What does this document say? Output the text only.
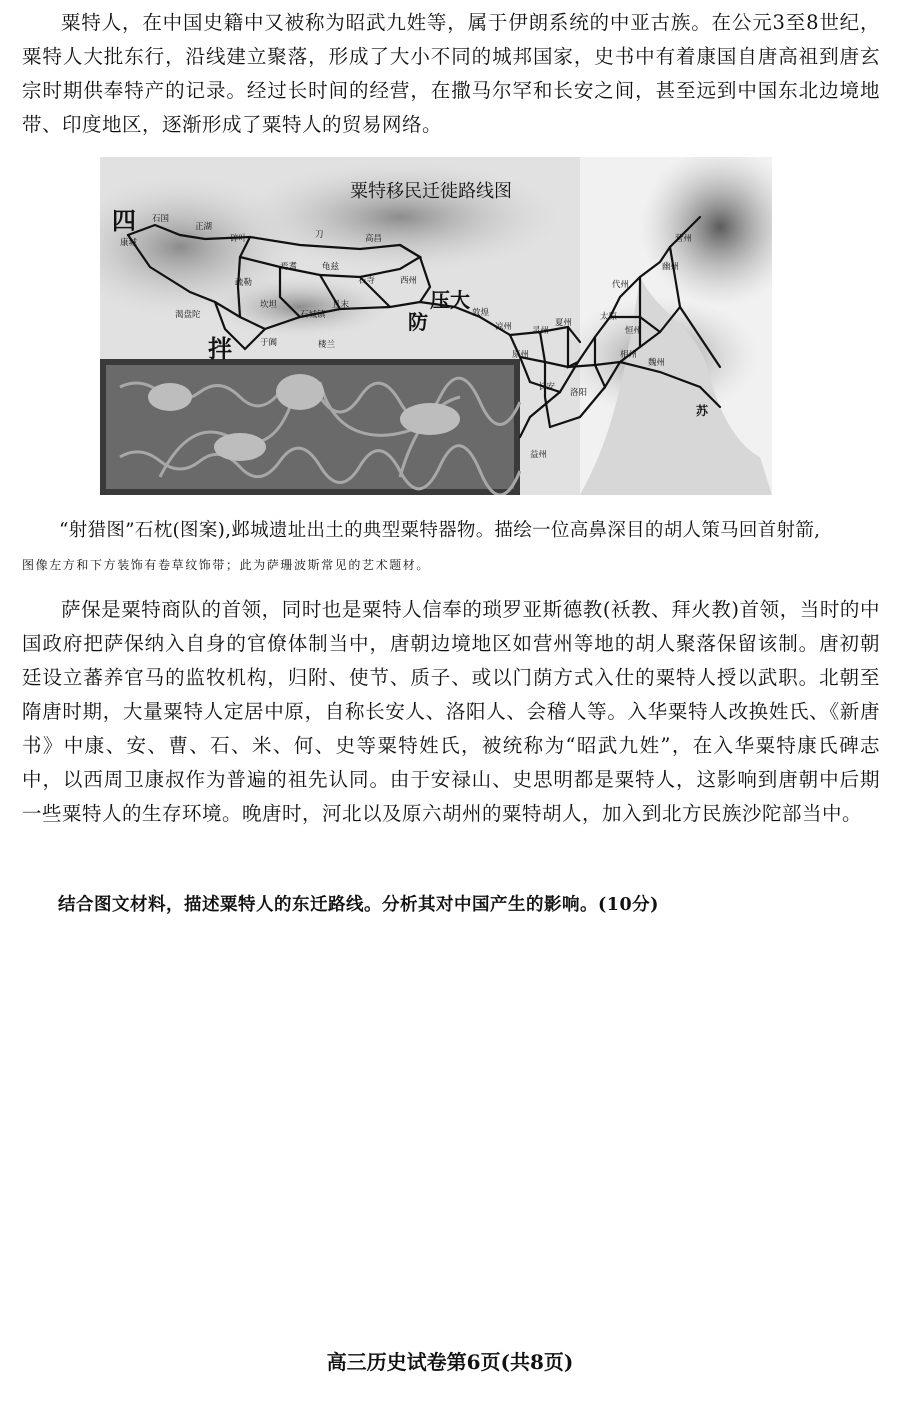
粟特人，在中国史籍中又被称为昭武九姓等，属于伊朗系统的中亚古族。在公元3至8世纪，粟特人大批东行，沿线建立聚落，形成了大小不同的城邦国家，史书中有着康国自唐高祖到唐玄宗时期供奉特产的记录。经过长时间的经营，在撒马尔罕和长安之间，甚至远到中国东北边境地带、印度地区，逐渐形成了粟特人的贸易网络。
粟特移民迁徙路线图
四
拌
压大
防
石国
正湖
康城	碎叶	刀	高昌
焉耆	龟兹
石寺	西州
疏勒
渴盘陀
坎坦	且末
于阗	楼兰
石城镇	敦煌
凉州
原州
灵州
夏州
太原
代州
幽州
恒州
相州
魏州
营州
长安
洛阳
益州
苏
“射猎图”石枕(图案),邺城遗址出土的典型粟特器物。描绘一位高鼻深目的胡人策马回首射箭,
图像左方和下方装饰有卷草纹饰带；此为萨珊波斯常见的艺术题材。
萨保是粟特商队的首领，同时也是粟特人信奉的琐罗亚斯德教(袄教、拜火教)首领，当时的中国政府把萨保纳入自身的官僚体制当中，唐朝边境地区如营州等地的胡人聚落保留该制。唐初朝廷设立蕃养官马的监牧机构，归附、使节、质子、或以门荫方式入仕的粟特人授以武职。北朝至隋唐时期，大量粟特人定居中原，自称长安人、洛阳人、会稽人等。入华粟特人改换姓氏、《新唐书》中康、安、曹、石、米、何、史等粟特姓氏，被统称为“昭武九姓”，在入华粟特康氏碑志中，以西周卫康叔作为普遍的祖先认同。由于安禄山、史思明都是粟特人，这影响到唐朝中后期一些粟特人的生存环境。晚唐时，河北以及原六胡州的粟特胡人，加入到北方民族沙陀部当中。
结合图文材料，描述粟特人的东迁路线。分析其对中国产生的影响。(10分)
高三历史试卷第6页(共8页)
